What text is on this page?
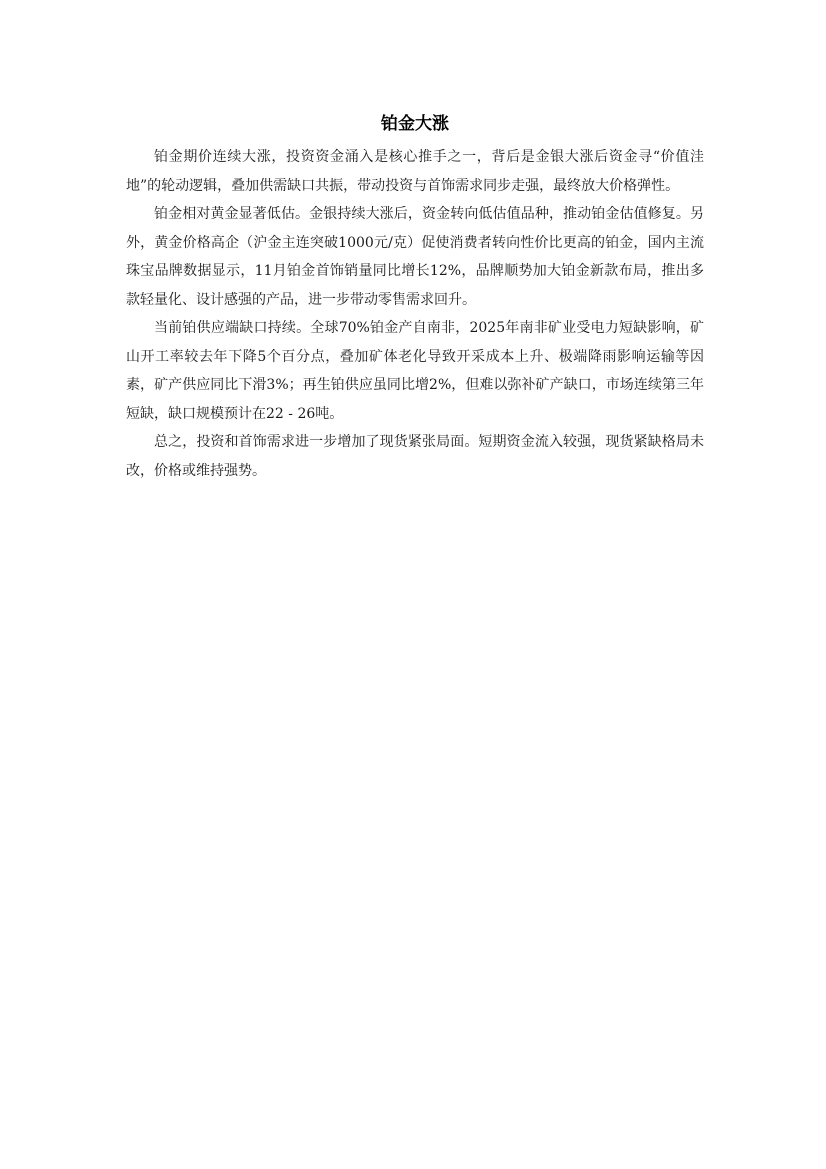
铂金大涨

铂金期价连续大涨，投资资金涌入是核心推手之一，背后是金银大涨后资金寻“价值洼地”的轮动逻辑，叠加供需缺口共振，带动投资与首饰需求同步走强，最终放大价格弹性。

铂金相对黄金显著低估。金银持续大涨后，资金转向低估值品种，推动铂金估值修复。另外，黄金价格高企（沪金主连突破1000元/克）促使消费者转向性价比更高的铂金，国内主流珠宝品牌数据显示，11月铂金首饰销量同比增长12%，品牌顺势加大铂金新款布局，推出多款轻量化、设计感强的产品，进一步带动零售需求回升。

当前铂供应端缺口持续。全球70%铂金产自南非，2025年南非矿业受电力短缺影响，矿山开工率较去年下降5个百分点，叠加矿体老化导致开采成本上升、极端降雨影响运输等因素，矿产供应同比下滑3%；再生铂供应虽同比增2%，但难以弥补矿产缺口，市场连续第三年短缺，缺口规模预计在22 - 26吨。

总之，投资和首饰需求进一步增加了现货紧张局面。短期资金流入较强，现货紧缺格局未改，价格或维持强势。
